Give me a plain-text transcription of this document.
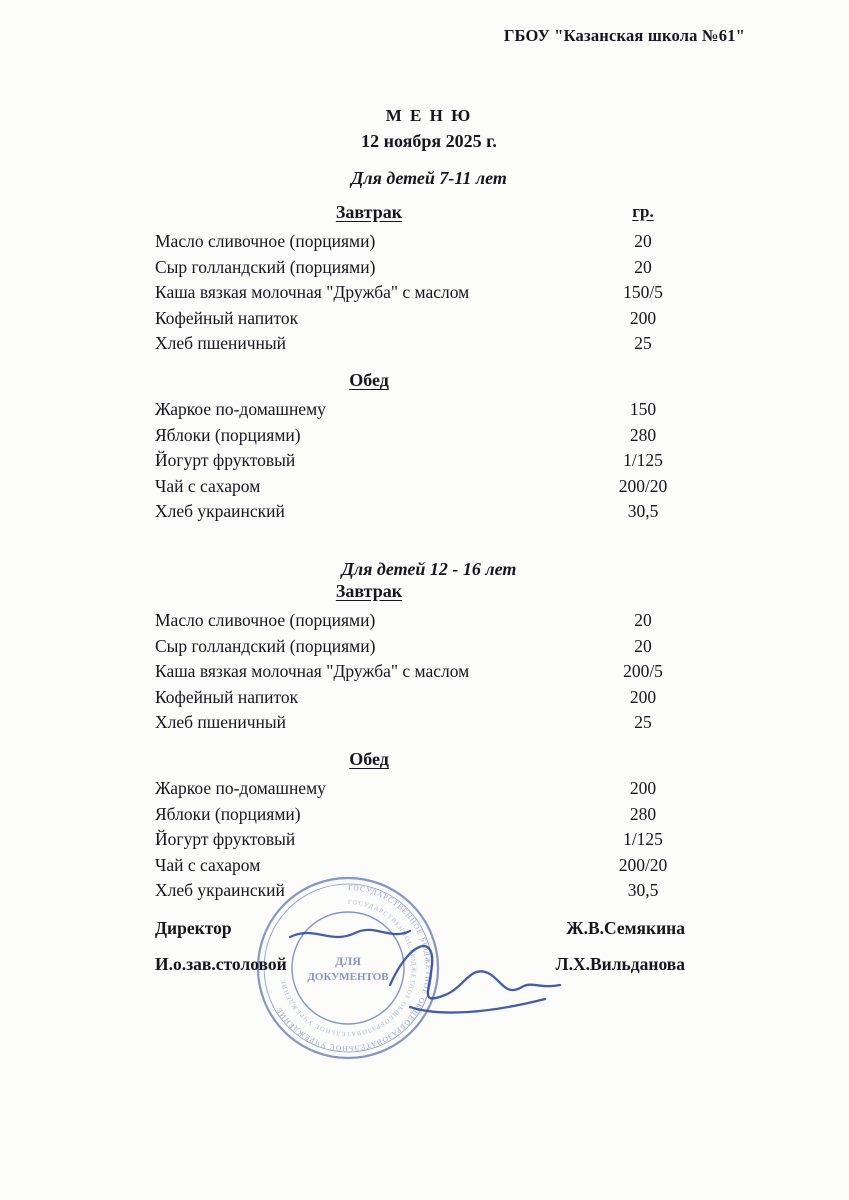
ГБОУ "Казанская школа №61"
М Е Н Ю
12 ноября 2025 г.
Для детей 7-11 лет
Завтрак	гр.
Масло сливочное (порциями)	20
Сыр голландский (порциями)	20
Каша вязкая молочная "Дружба" с маслом	150/5
Кофейный напиток	200
Хлеб пшеничный	25
Обед
Жаркое по-домашнему	150
Яблоки (порциями)	280
Йогурт фруктовый	1/125
Чай с сахаром	200/20
Хлеб украинский	30,5
Для детей 12 - 16 лет
Завтрак
Масло сливочное (порциями)	20
Сыр голландский (порциями)	20
Каша вязкая молочная "Дружба" с маслом	200/5
Кофейный напиток	200
Хлеб пшеничный	25
Обед
Жаркое по-домашнему	200
Яблоки (порциями)	280
Йогурт фруктовый	1/125
Чай с сахаром	200/20
Хлеб украинский	30,5
ГОСУДАРСТВЕННОЕ БЮДЖЕТНОЕ ОБЩЕОБРАЗОВАТЕЛЬНОЕ УЧРЕЖДЕНИЕ
ГОСУДАРСТВЕННОЕ БЮДЖЕТНОЕ ОБЩЕОБРАЗОВАТЕЛЬНОЕ УЧРЕЖДЕНИЕ
ДЛЯ
ДОКУМЕНТОВ
Директор	Ж.В.Семякина
И.о.зав.столовой	Л.Х.Вильданова
